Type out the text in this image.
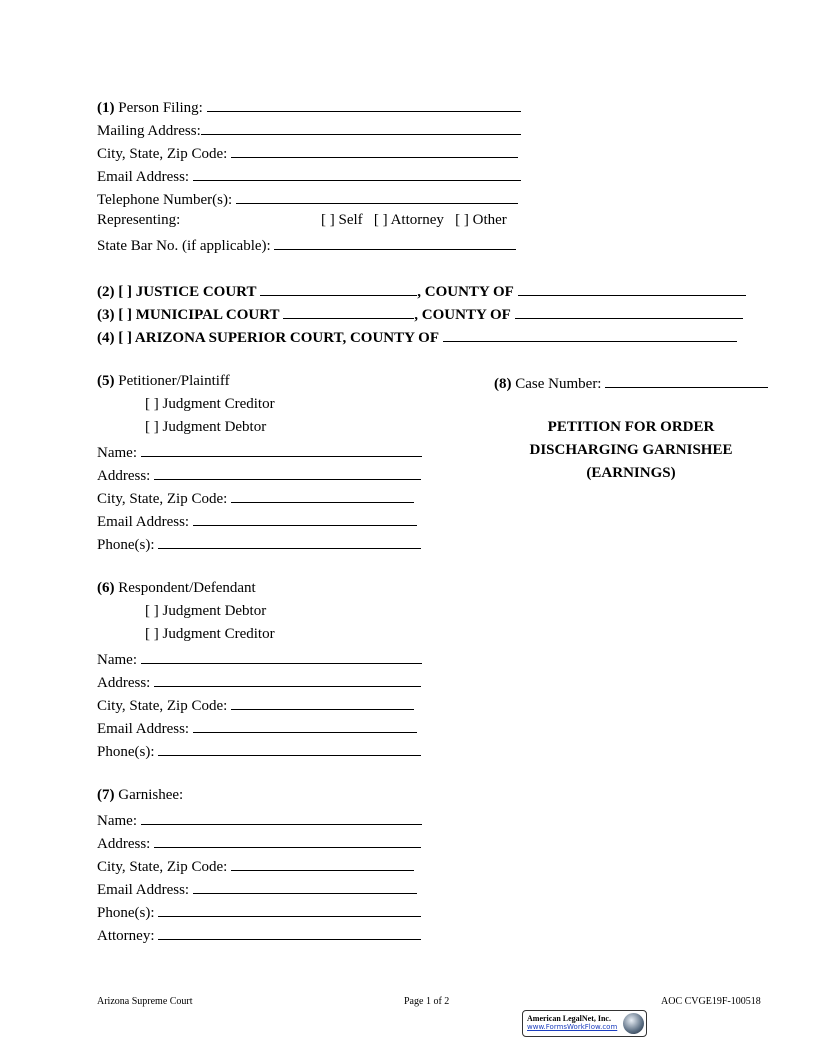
(1) Person Filing:
Mailing Address:
City, State, Zip Code:
Email Address:
Telephone Number(s):
Representing:	[ ] Self [ ] Attorney [ ] Other
State Bar No. (if applicable):
(2) [ ] JUSTICE COURT	, COUNTY OF
(3) [ ] MUNICIPAL COURT	, COUNTY OF
(4) [ ] ARIZONA SUPERIOR COURT, COUNTY OF
(5) Petitioner/Plaintiff
[ ] Judgment Creditor
[ ] Judgment Debtor
Name:
Address:
City, State, Zip Code:
Email Address:
Phone(s):
(8) Case Number:
PETITION FOR ORDER
DISCHARGING GARNISHEE
(EARNINGS)
(6) Respondent/Defendant
[ ] Judgment Debtor
[ ] Judgment Creditor
Name:
Address:
City, State, Zip Code:
Email Address:
Phone(s):
(7) Garnishee:
Name:
Address:
City, State, Zip Code:
Email Address:
Phone(s):
Attorney:
Arizona Supreme Court	Page 1 of 2	AOC CVGE19F-100518
American LegalNet, Inc.
www.FormsWorkFlow.com
